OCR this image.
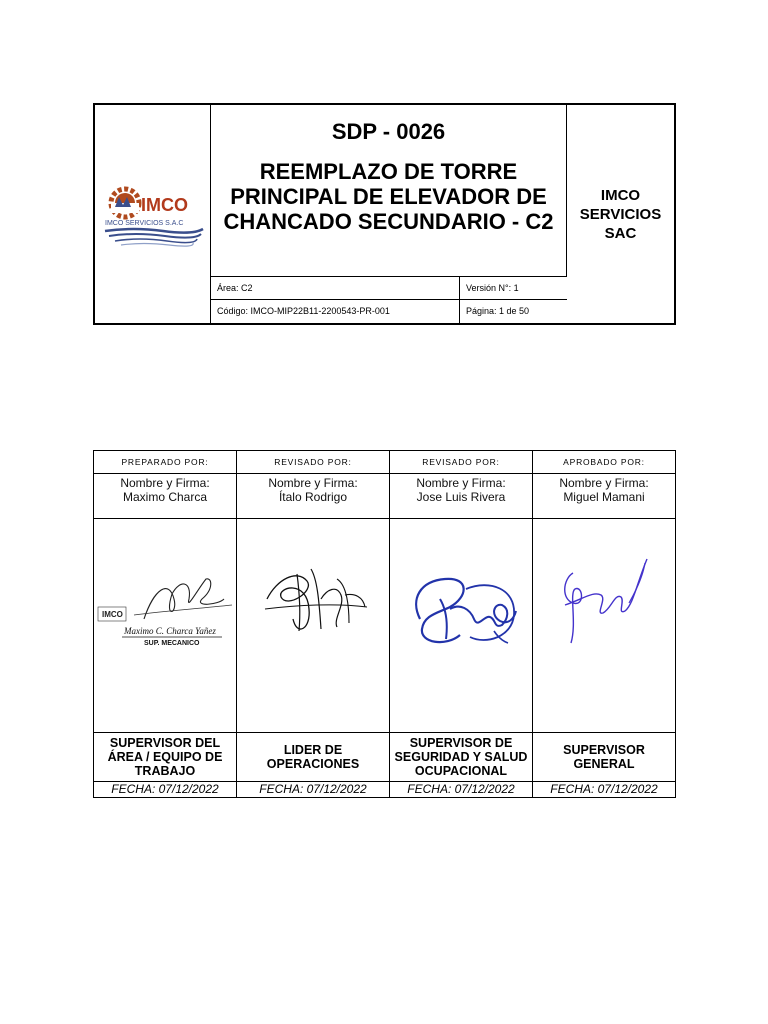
IMCO
IMCO SERVICIOS S.A.C
SDP - 0026
REEMPLAZO DE TORRE
PRINCIPAL DE ELEVADOR DE
CHANCADO SECUNDARIO - C2
IMCO
SERVICIOS
SAC
Área: C2	Versión N°: 1
Código: IMCO-MIP22B11-2200543-PR-001	Página: 1 de 50
PREPARADO POR:
Nombre y Firma:
Maximo Charca
IMCO
Maximo C. Charca Yañez
SUP. MECANICO
SUPERVISOR DEL
ÁREA / EQUIPO DE
TRABAJO
FECHA: 07/12/2022
REVISADO POR:
Nombre y Firma:
Ítalo Rodrigo
LIDER DE
OPERACIONES
FECHA: 07/12/2022
REVISADO POR:
Nombre y Firma:
Jose Luis Rivera
SUPERVISOR DE
SEGURIDAD Y SALUD
OCUPACIONAL
FECHA: 07/12/2022
APROBADO POR:
Nombre y Firma:
Miguel Mamani
SUPERVISOR
GENERAL
FECHA: 07/12/2022
